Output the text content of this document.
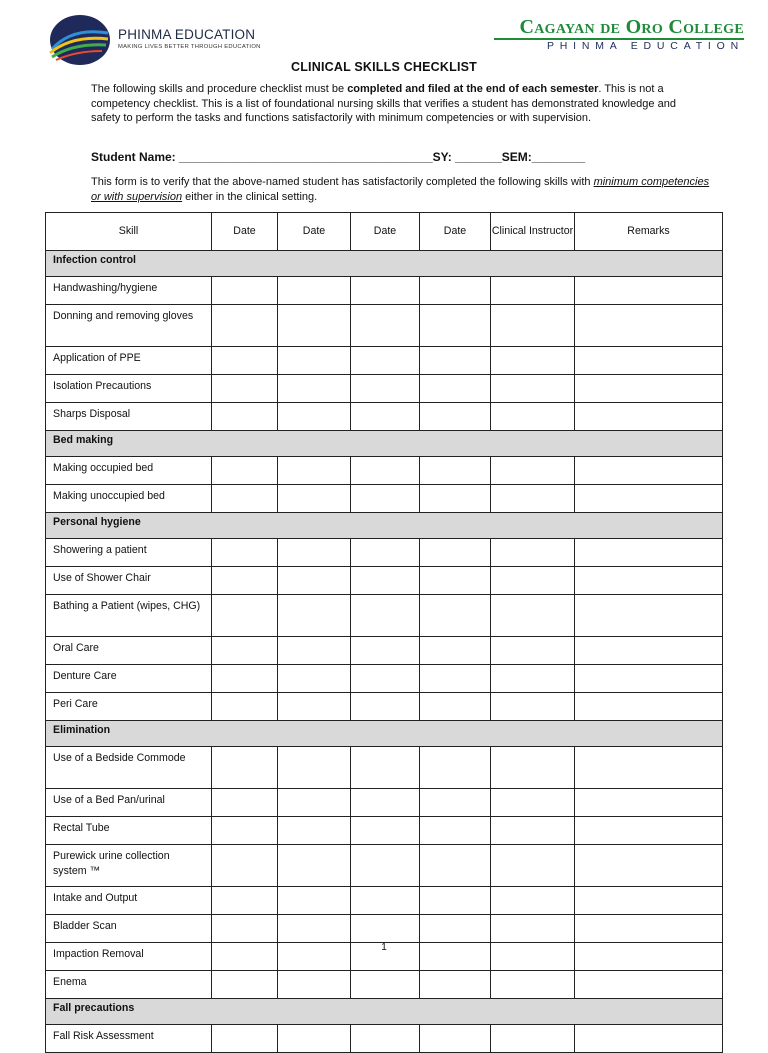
PHINMA EDUCATION
MAKING LIVES BETTER THROUGH EDUCATION
Cagayan de Oro College
PHINMA EDUCATION
CLINICAL SKILLS CHECKLIST
The following skills and procedure checklist must be completed and filed at the end of each semester. This is not a competency checklist. This is a list of foundational nursing skills that verifies a student has demonstrated knowledge and safety to perform the tasks and functions satisfactorily with minimum competencies or with supervision.
Student Name: ______________________________________SY: _______SEM:________
This form is to verify that the above-named student has satisfactorily completed the following skills with minimum competencies or with supervision either in the clinical setting.
Skill	Date	Date	Date	Date	Clinical Instructor	Remarks
Infection control						
Handwashing/hygiene						
Donning and removing gloves						
Application of PPE						
Isolation Precautions						
Sharps Disposal						
Bed making						
Making occupied bed						
Making unoccupied bed						
Personal hygiene						
Showering a patient						
Use of Shower Chair						
Bathing a Patient (wipes, CHG)						
Oral Care						
Denture Care						
Peri Care						
Elimination						
Use of a Bedside Commode						
Use of a Bed Pan/urinal						
Rectal Tube						
Purewick urine collection system ™						
Intake and Output						
Bladder Scan						
Impaction Removal						
Enema						
Fall precautions						
Fall Risk Assessment						
1
